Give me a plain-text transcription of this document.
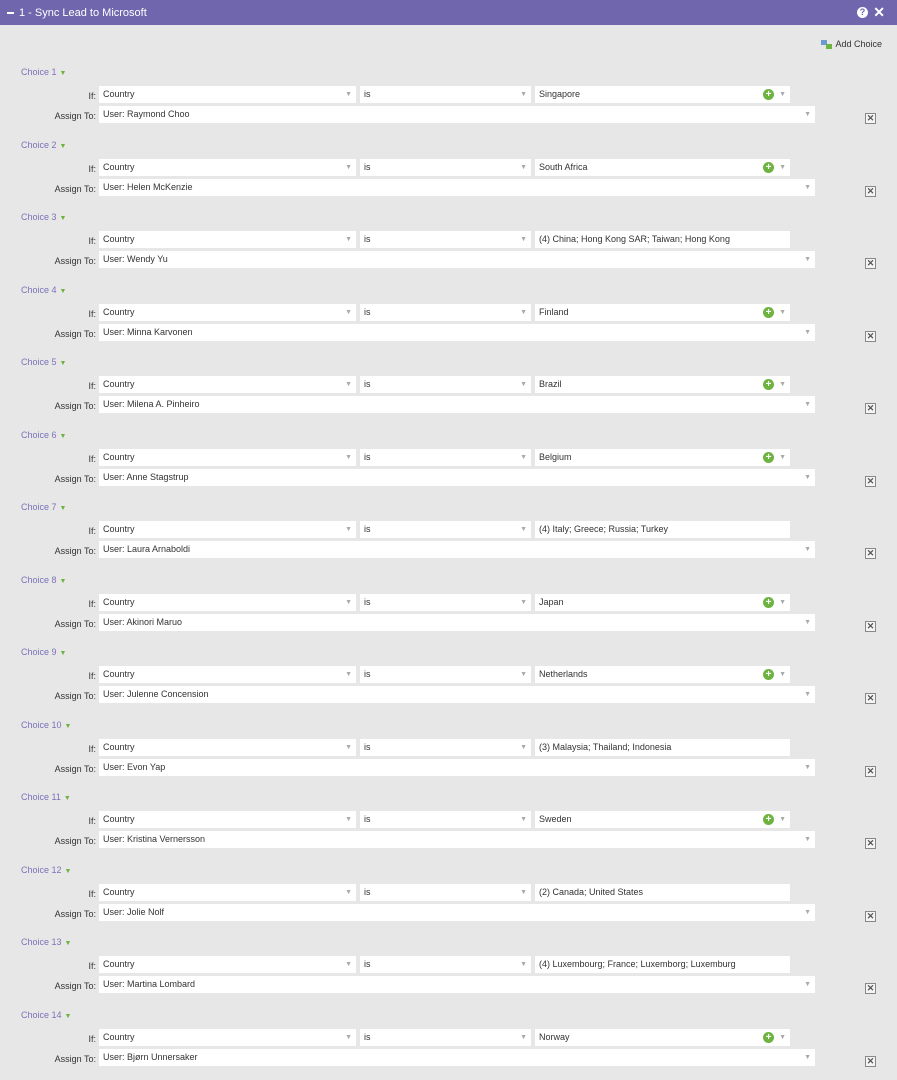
1 - Sync Lead to Microsoft	? ✕
Add Choice
Choice 1 ▼
If: Country	▼	is	▼	Singapore	+	▼
Assign To: User: Raymond Choo	▼	✕
Choice 2 ▼
If: Country	▼	is	▼	South Africa	+	▼
Assign To: User: Helen McKenzie	▼	✕
Choice 3 ▼
If: Country	▼	is	▼	(4) China; Hong Kong SAR; Taiwan; Hong Kong
Assign To: User: Wendy Yu	▼	✕
Choice 4 ▼
If: Country	▼	is	▼	Finland	+	▼
Assign To: User: Minna Karvonen	▼	✕
Choice 5 ▼
If: Country	▼	is	▼	Brazil	+	▼
Assign To: User: Milena A. Pinheiro	▼	✕
Choice 6 ▼
If: Country	▼	is	▼	Belgium	+	▼
Assign To: User: Anne Stagstrup	▼	✕
Choice 7 ▼
If: Country	▼	is	▼	(4) Italy; Greece; Russia; Turkey
Assign To: User: Laura Arnaboldi	▼	✕
Choice 8 ▼
If: Country	▼	is	▼	Japan	+	▼
Assign To: User: Akinori Maruo	▼	✕
Choice 9 ▼
If: Country	▼	is	▼	Netherlands	+	▼
Assign To: User: Julenne Concension	▼	✕
Choice 10 ▼
If: Country	▼	is	▼	(3) Malaysia; Thailand; Indonesia
Assign To: User: Evon Yap	▼	✕
Choice 11 ▼
If: Country	▼	is	▼	Sweden	+	▼
Assign To: User: Kristina Vernersson	▼	✕
Choice 12 ▼
If: Country	▼	is	▼	(2) Canada; United States
Assign To: User: Jolie Nolf	▼	✕
Choice 13 ▼
If: Country	▼	is	▼	(4) Luxembourg; France; Luxemborg; Luxemburg
Assign To: User: Martina Lombard	▼	✕
Choice 14 ▼
If: Country	▼	is	▼	Norway	+	▼
Assign To: User: Bjørn Unnersaker	▼	✕
